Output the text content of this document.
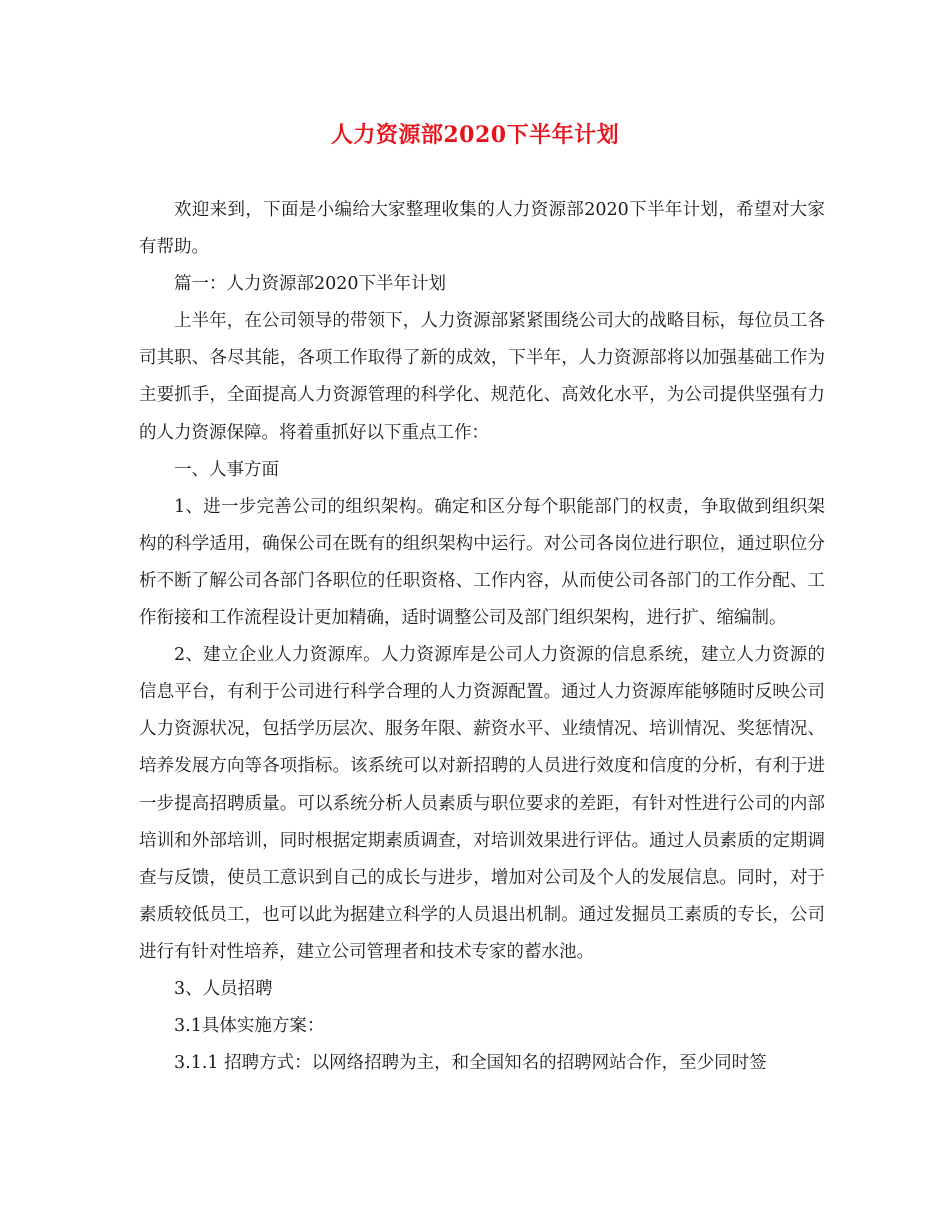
人力资源部2020下半年计划

欢迎来到，下面是小编给大家整理收集的人力资源部2020下半年计划，希望对大家有帮助。

篇一：人力资源部2020下半年计划

上半年，在公司领导的带领下，人力资源部紧紧围绕公司大的战略目标，每位员工各司其职、各尽其能，各项工作取得了新的成效，下半年，人力资源部将以加强基础工作为主要抓手，全面提高人力资源管理的科学化、规范化、高效化水平，为公司提供坚强有力的人力资源保障。将着重抓好以下重点工作：

一、人事方面

1、进一步完善公司的组织架构。确定和区分每个职能部门的权责，争取做到组织架构的科学适用，确保公司在既有的组织架构中运行。对公司各岗位进行职位，通过职位分析不断了解公司各部门各职位的任职资格、工作内容，从而使公司各部门的工作分配、工作衔接和工作流程设计更加精确，适时调整公司及部门组织架构，进行扩、缩编制。

2、建立企业人力资源库。人力资源库是公司人力资源的信息系统，建立人力资源的信息平台，有利于公司进行科学合理的人力资源配置。通过人力资源库能够随时反映公司人力资源状况，包括学历层次、服务年限、薪资水平、业绩情况、培训情况、奖惩情况、培养发展方向等各项指标。该系统可以对新招聘的人员进行效度和信度的分析，有利于进一步提高招聘质量。可以系统分析人员素质与职位要求的差距，有针对性进行公司的内部培训和外部培训，同时根据定期素质调查，对培训效果进行评估。通过人员素质的定期调查与反馈，使员工意识到自己的成长与进步，增加对公司及个人的发展信息。同时，对于素质较低员工，也可以此为据建立科学的人员退出机制。通过发掘员工素质的专长，公司进行有针对性培养，建立公司管理者和技术专家的蓄水池。

3、人员招聘

3.1具体实施方案：

3.1.1 招聘方式：以网络招聘为主，和全国知名的招聘网站合作，至少同时签
